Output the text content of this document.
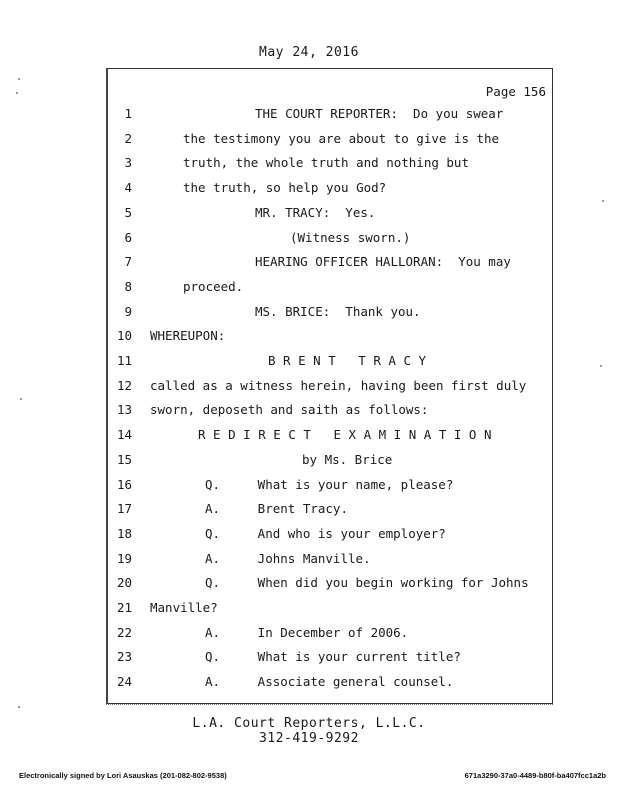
May 24, 2016
Page 156
1	THE COURT REPORTER:  Do you swear
2	the testimony you are about to give is the
3	truth, the whole truth and nothing but
4	the truth, so help you God?
5	MR. TRACY:  Yes.
6	(Witness sworn.)
7	HEARING OFFICER HALLORAN:  You may
8	proceed.
9	MS. BRICE:  Thank you.
10 WHEREUPON:
11	B R E N T   T R A C Y
12 called as a witness herein, having been first duly
13 sworn, deposeth and saith as follows:
14	R E D I R E C T   E X A M I N A T I O N
15	by Ms. Brice
16	Q.     What is your name, please?
17	A.     Brent Tracy.
18	Q.     And who is your employer?
19	A.     Johns Manville.
20	Q.     When did you begin working for Johns
21 Manville?
22	A.     In December of 2006.
23	Q.     What is your current title?
24	A.     Associate general counsel.
L.A. Court Reporters, L.L.C.
312-419-9292
Electronically signed by Lori Asauskas (201-082-802-9538)	671a3290-37a0-4489-b80f-ba407fcc1a2b
